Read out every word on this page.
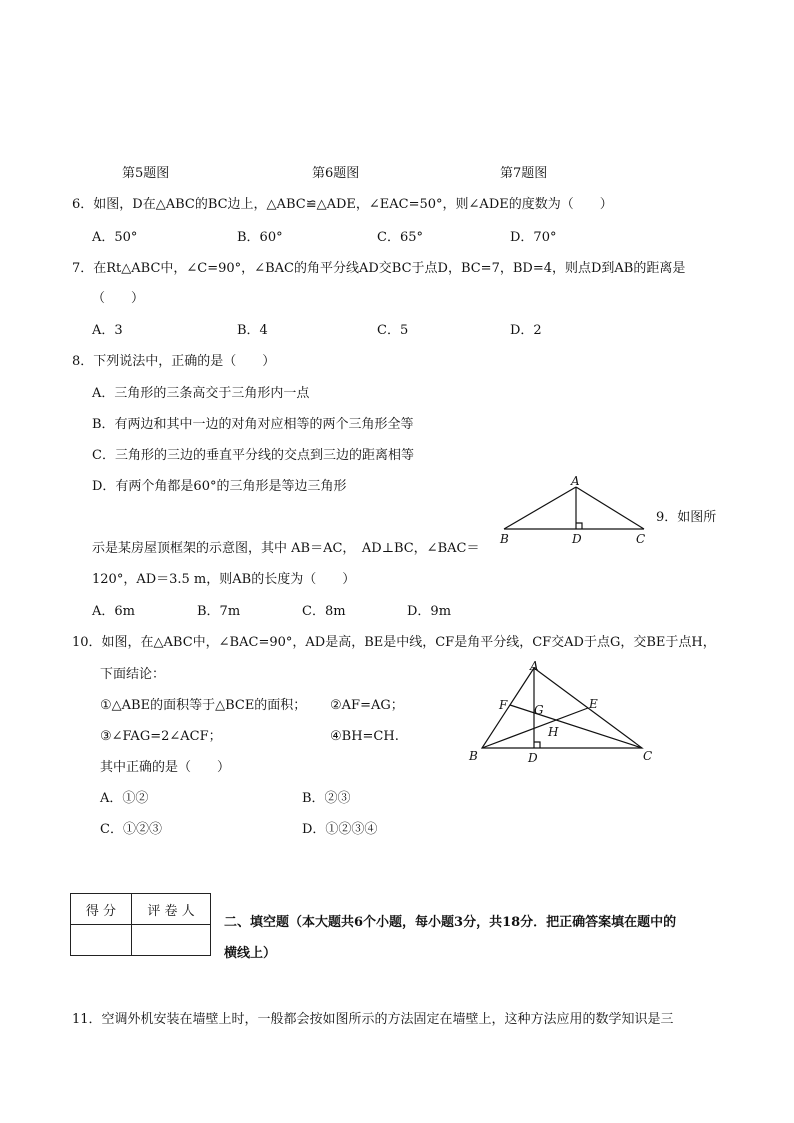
第5题图	第6题图	第7题图
6．如图，D在△ABC的BC边上，△ABC≌△ADE，∠EAC=50°，则∠ADE的度数为（　　）
A．50°	B．60°	C．65°	D．70°
7．在Rt△ABC中，∠C=90°，∠BAC的角平分线AD交BC于点D，BC=7，BD=4，则点D到AB的距离是
（　　）
A．3	B．4	C．5	D．2
8．下列说法中，正确的是（　　）
A．三角形的三条高交于三角形内一点
B．有两边和其中一边的对角对应相等的两个三角形全等
C．三角形的三边的垂直平分线的交点到三边的距离相等
D．有两个角都是60°的三角形是等边三角形	A
B	D	C
9．如图所
示是某房屋顶框架的示意图，其中 AB＝AC，　AD⊥BC，∠BAC＝
120°，AD＝3.5 m，则AB的长度为（　　）
A．6m	B．7m	C．8m	D．9m
10．如图，在△ABC中，∠BAC=90°，AD是高，BE是中线，CF是角平分线，CF交AD于点G，交BE于点H，
下面结论：
①△ABE的面积等于△BCE的面积； ②AF=AG；
③∠FAG=2∠ACF；	④BH=CH.
其中正确的是（　　）
A．①②	B．②③
C．①②③	D．①②③④
A
B	D	C
E
F G
H
得 分	评 卷 人

二、填空题（本大题共6个小题，每小题3分，共18分．把正确答案填在题中的
横线上）
11．空调外机安装在墙壁上时，一般都会按如图所示的方法固定在墙壁上，这种方法应用的数学知识是三
